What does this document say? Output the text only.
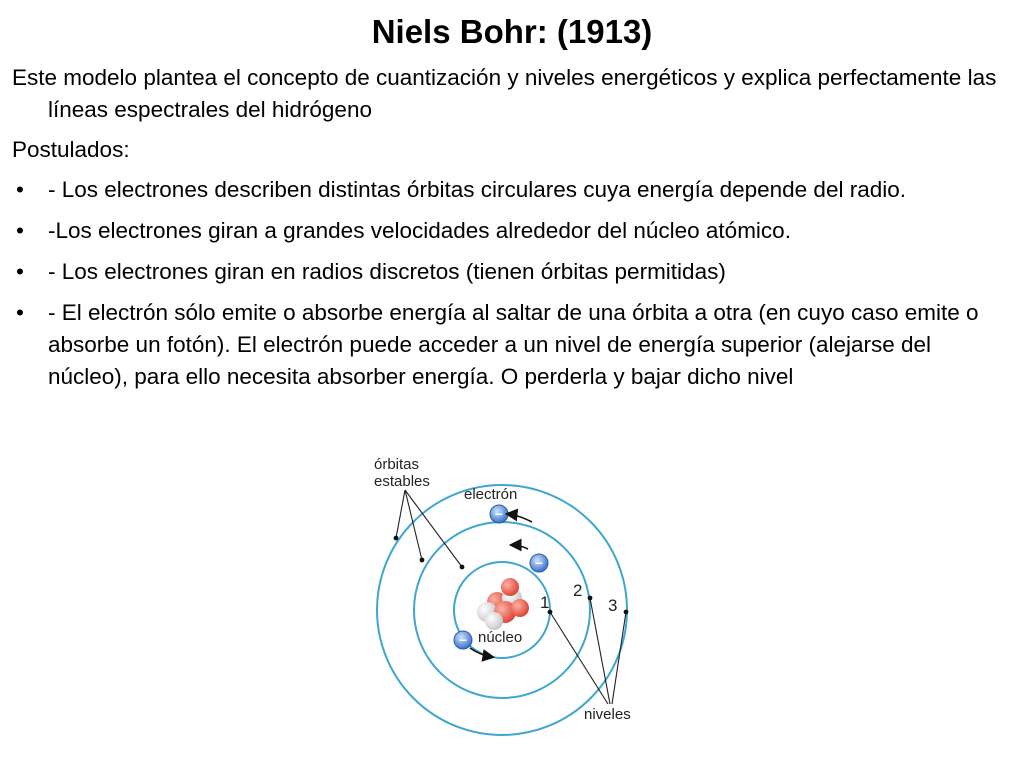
Niels Bohr: (1913)

Este modelo plantea el concepto de cuantización y niveles energéticos y explica perfectamente las líneas espectrales del hidrógeno

Postulados:

• - Los electrones describen distintas órbitas circulares cuya energía depende del radio.
• -Los electrones giran a grandes velocidades alrededor del núcleo atómico.
• - Los electrones giran en radios discretos (tienen órbitas permitidas)
• - El electrón sólo emite o absorbe energía al saltar de una órbita a otra (en cuyo caso emite o absorbe un fotón). El electrón puede acceder a un nivel de energía superior (alejarse del núcleo), para ello necesita absorber energía. O perderla y bajar dicho nivel
−
−
−
órbitas
estables
electrón
núcleo
1
2
3
niveles
